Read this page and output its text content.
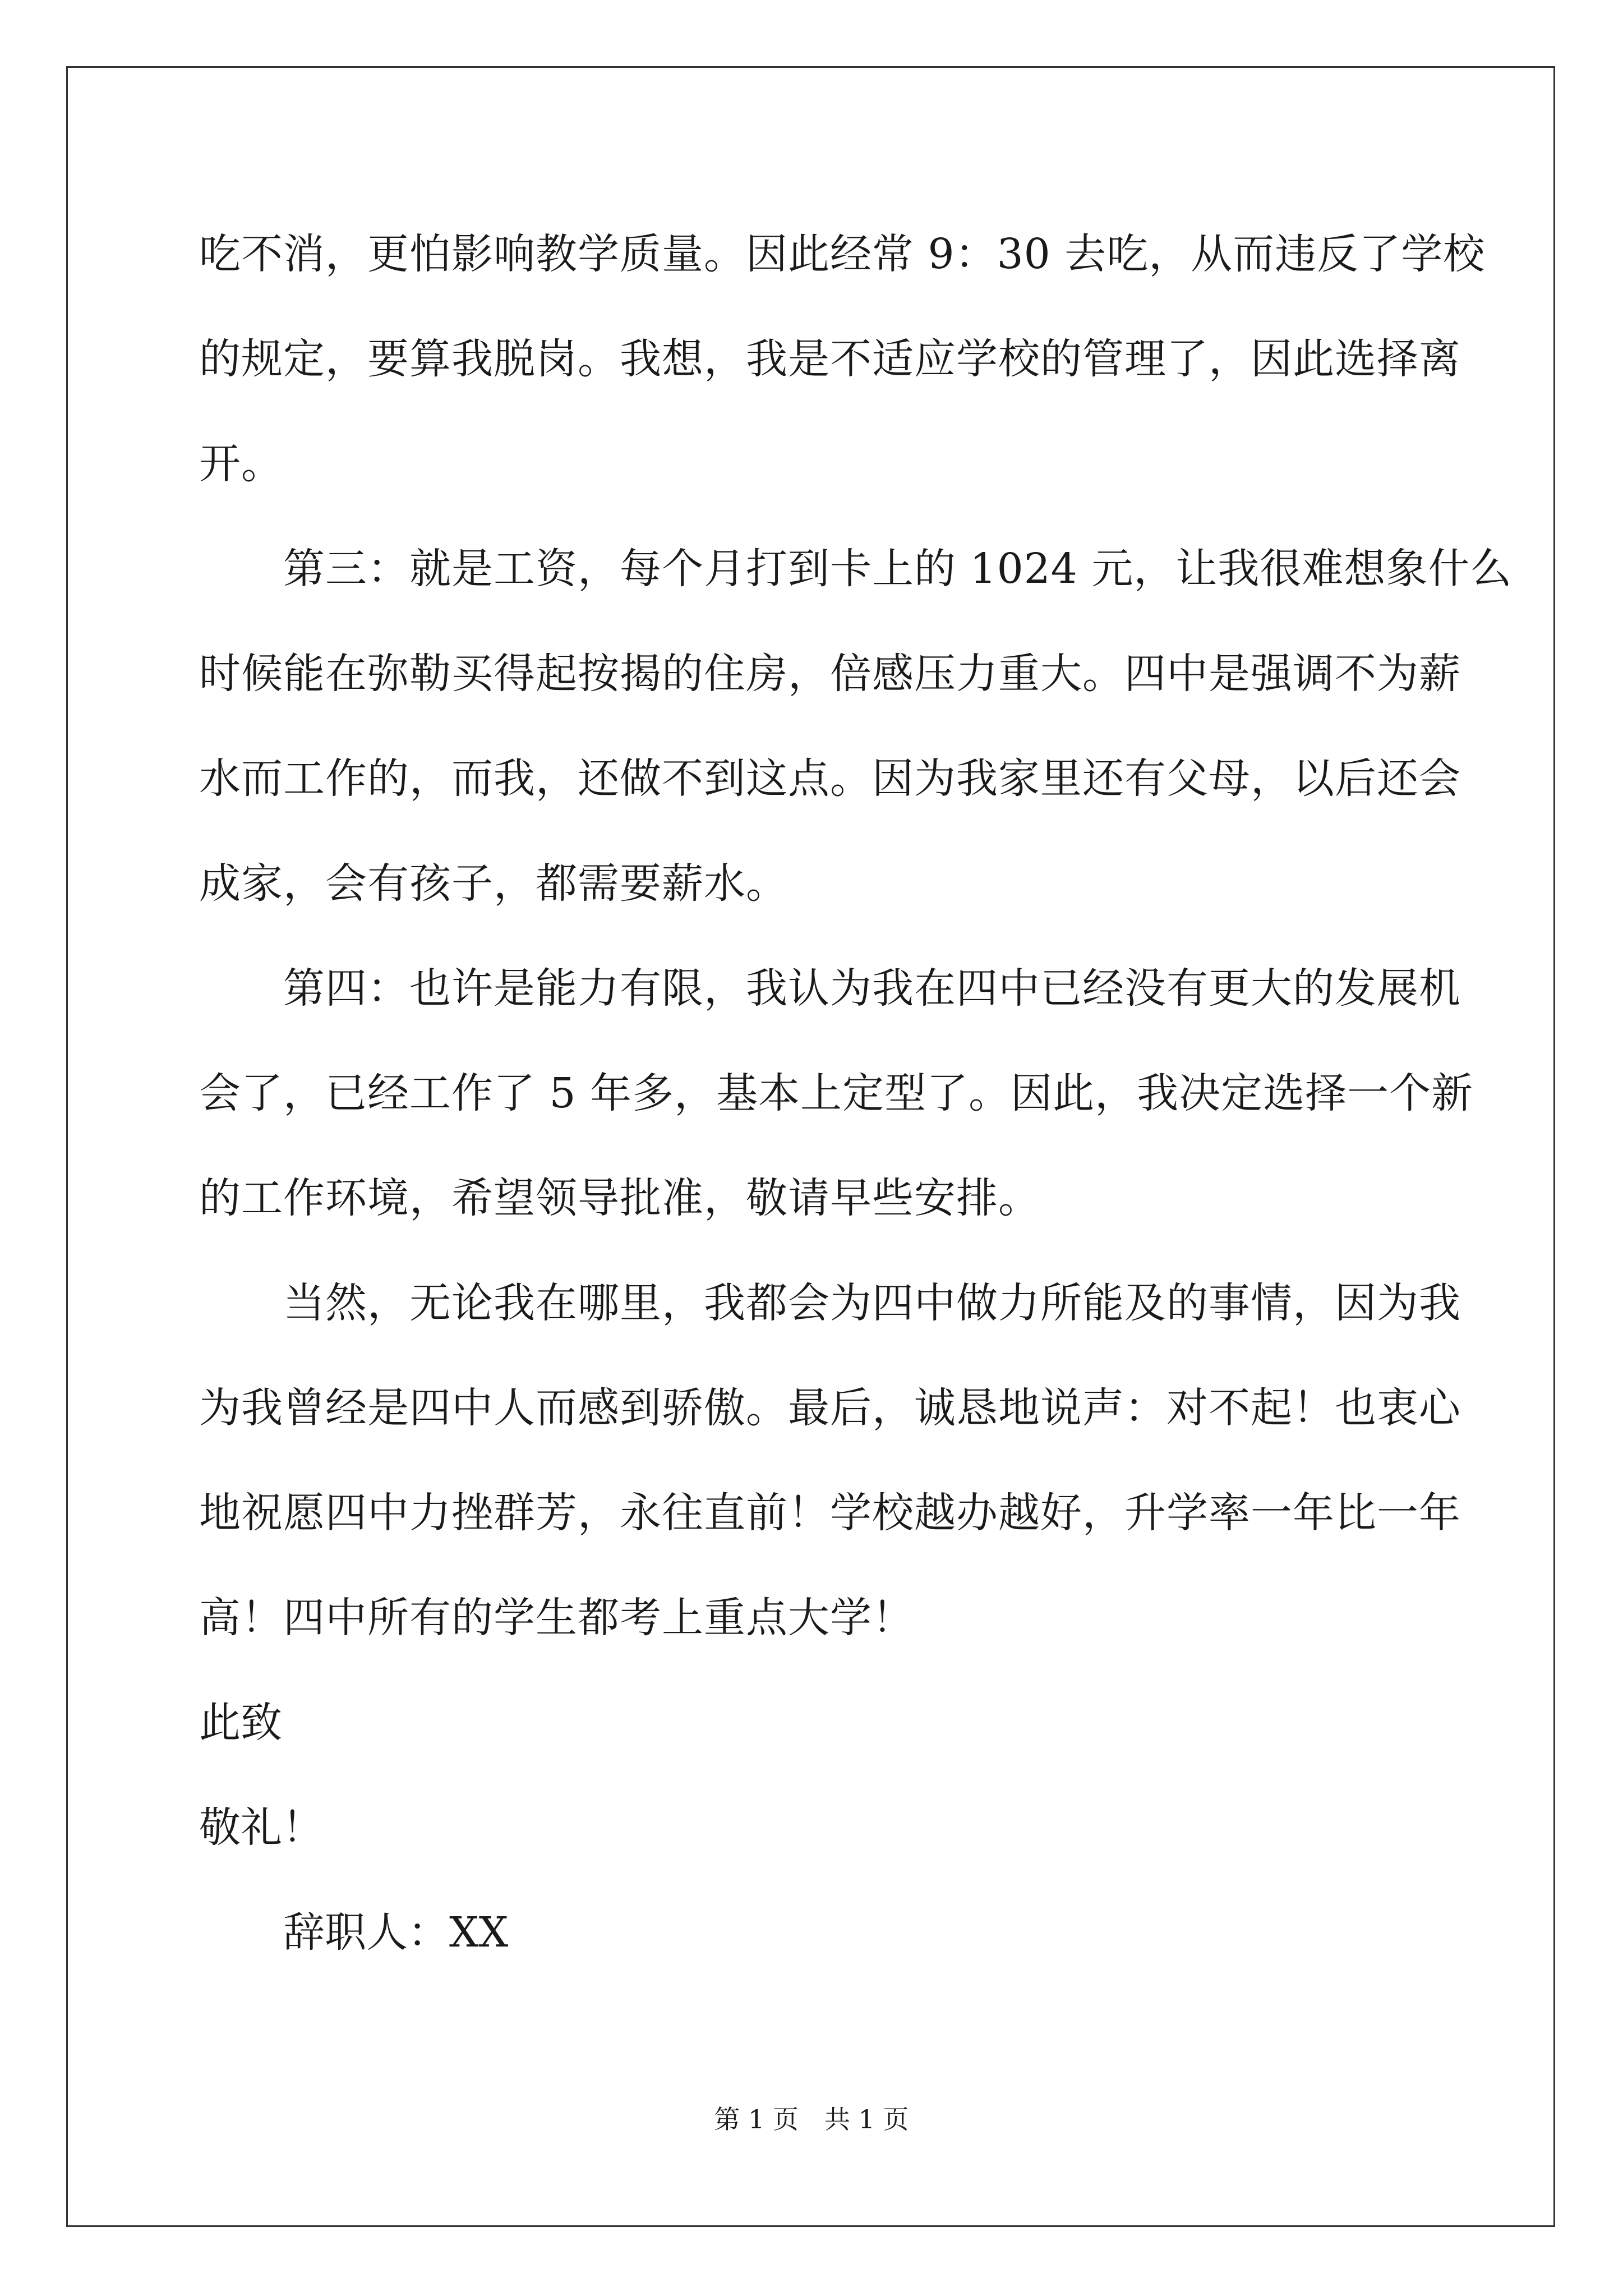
吃不消，更怕影响教学质量。因此经常 9：30 去吃，从而违反了学校
的规定，要算我脱岗。我想，我是不适应学校的管理了，因此选择离
开。
第三：就是工资，每个月打到卡上的 1024 元，让我很难想象什么
时候能在弥勒买得起按揭的住房，倍感压力重大。四中是强调不为薪
水而工作的，而我，还做不到这点。因为我家里还有父母，以后还会
成家，会有孩子，都需要薪水。
第四：也许是能力有限，我认为我在四中已经没有更大的发展机
会了，已经工作了 5 年多，基本上定型了。因此，我决定选择一个新
的工作环境，希望领导批准，敬请早些安排。
当然，无论我在哪里，我都会为四中做力所能及的事情，因为我
为我曾经是四中人而感到骄傲。最后，诚恳地说声：对不起！也衷心
地祝愿四中力挫群芳，永往直前！学校越办越好，升学率一年比一年
高！四中所有的学生都考上重点大学！
此致
敬礼！
辞职人：XX
第 1 页 共 1 页
